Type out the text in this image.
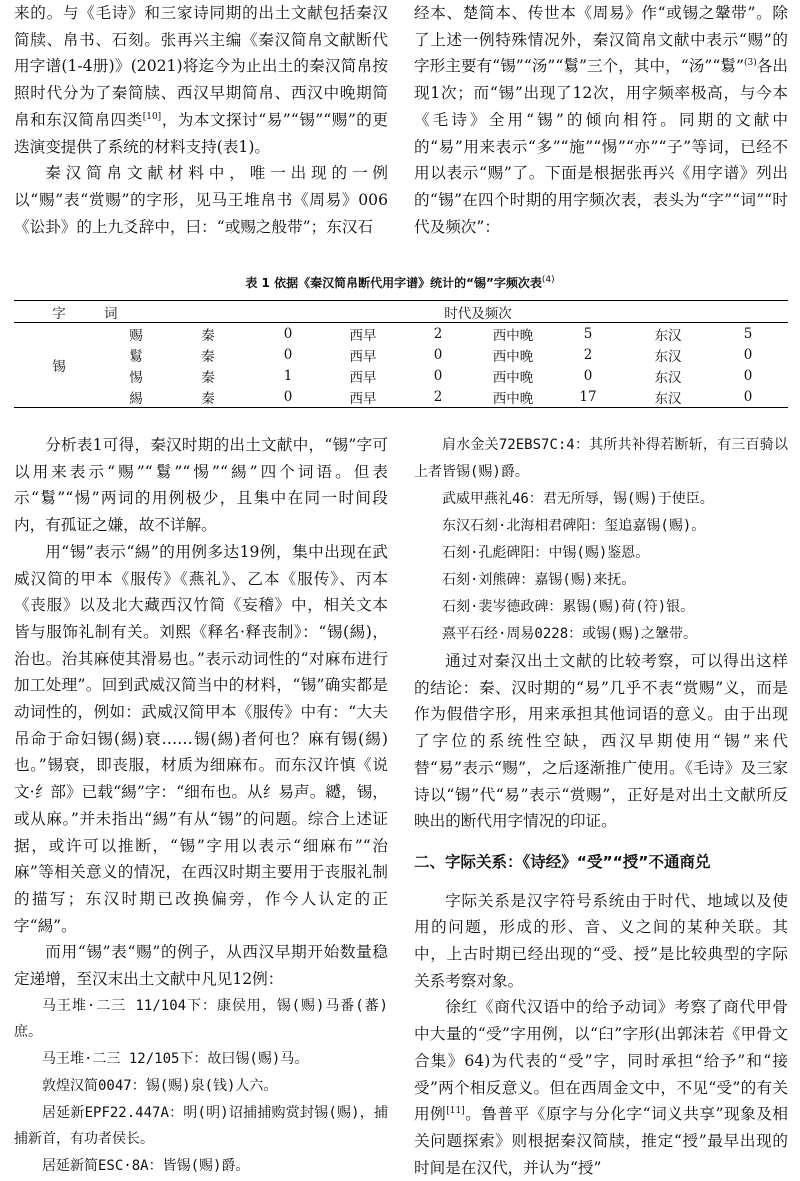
来的。与《毛诗》和三家诗同期的出土文献包括秦汉简牍、帛书、石刻。张再兴主编《秦汉简帛文献断代用字谱(1-4册)》(2021)将迄今为止出土的秦汉简帛按照时代分为了秦简牍、西汉早期简帛、西汉中晚期简帛和东汉简帛四类[10]，为本文探讨“易”“锡”“赐”的更迭演变提供了系统的材料支持(表1)。

秦汉简帛文献材料中，唯一出现的一例以“赐”表“赏赐”的字形，见马王堆帛书《周易》006《讼卦》的上九爻辞中，曰：“或赐之般带”；东汉石

经本、楚简本、传世本《周易》作“或锡之鞶带”。除了上述一例特殊情况外，秦汉简帛文献中表示“赐”的字形主要有“锡”“汤”“鬄”三个，其中，“汤”“鬄”$^{(3)}$各出现1次；而“锡”出现了12次，用字频率极高，与今本《毛诗》全用“锡”的倾向相符。同期的文献中的“易”用来表示“多”“施”“惕”“亦”“子”等词，已经不用以表示“赐”了。下面是根据张再兴《用字谱》列出的“锡”在四个时期的用字频次表，表头为“字”“词”“时代及频次”：

表 1 依据《秦汉简帛断代用字谱》统计的“锡”字频次表$^{(4)}$
字	词	时代及频次							
锡	赐	秦	0	西早	2	西中晚	5	东汉	5
	鬄	秦	0	西早	0	西中晚	2	东汉	0
	惕	秦	1	西早	0	西中晚	0	东汉	0
	緆	秦	0	西早	2	西中晚	17	东汉	0

分析表1可得，秦汉时期的出土文献中，“锡”字可以用来表示“赐”“鬄”“惕”“緆”四个词语。但表示“鬄”“惕”两词的用例极少，且集中在同一时间段内，有孤证之嫌，故不详解。

用“锡”表示“緆”的用例多达19例，集中出现在武威汉简的甲本《服传》《燕礼》、乙本《服传》、丙本《丧服》以及北大藏西汉竹简《妄稽》中，相关文本皆与服饰礼制有关。刘熙《释名·释丧制》：“锡(緆)，治也。治其麻使其滑易也。”表示动词性的“对麻布进行加工处理”。回到武威汉简当中的材料，“锡”确实都是动词性的，例如：武威汉简甲本《服传》中有：“大夫吊命于命妇锡(緆)衰……锡(緆)者何也？麻有锡(緆)也。”锡衰，即丧服，材质为细麻布。而东汉许慎《说文·纟部》已载“緆”字：“细布也。从纟易声。𦇰，锡，或从麻。”并未指出“緆”有从“锡”的问题。综合上述证据，或许可以推断，“锡”字用以表示“细麻布”“治麻”等相关意义的情况，在西汉时期主要用于丧服礼制的描写；东汉时期已改换偏旁，作今人认定的正字“緆”。

而用“锡”表“赐”的例子，从西汉早期开始数量稳定递增，至汉末出土文献中凡见12例：

马王堆·二三 11/104下：康侯用，锡(赐)马番(蕃)庶。

马王堆·二三 12/105下：故曰锡(赐)马。

敦煌汉简0047：锡(赐)泉(钱)人六。

居延新EPF22.447A：明(明)诏捕捕购赏封锡(赐)，捕捕新首，有功者侯长。

居延新简ESC·8A：皆锡(赐)爵。

肩水金关72EBS7C:4：其所共补得若断斩，有三百骑以上者皆锡(赐)爵。

武威甲燕礼46：君无所辱，锡(赐)于使臣。

东汉石刻·北海相君碑阳：玺追嘉锡(赐)。

石刻·孔彪碑阳：中锡(赐)鉴恩。

石刻·刘熊碑：嘉锡(赐)来抚。

石刻·裴岑德政碑：累锡(赐)荷(符)银。

熹平石经·周易0228：或锡(赐)之鞶带。

通过对秦汉出土文献的比较考察，可以得出这样的结论：秦、汉时期的“易”几乎不表“赏赐”义，而是作为假借字形，用来承担其他词语的意义。由于出现了字位的系统性空缺，西汉早期使用“锡”来代替“易”表示“赐”，之后逐渐推广使用。《毛诗》及三家诗以“锡”代“易”表示“赏赐”，正好是对出土文献所反映出的断代用字情况的印证。

二、字际关系：《诗经》“受”“授”不通商兑

字际关系是汉字符号系统由于时代、地域以及使用的问题，形成的形、音、义之间的某种关联。其中，上古时期已经出现的“受、授”是比较典型的字际关系考察对象。

徐红《商代汉语中的给予动词》考察了商代甲骨中大量的“受”字用例，以“𦥑”字形(出郭沫若《甲骨文合集》64)为代表的“受”字，同时承担“给予”和“接受”两个相反意义。但在西周金文中，不见“受”的有关用例[11]。鲁普平《原字与分化字“词义共享”现象及相关问题探索》则根据秦汉简牍，推定“授”最早出现的时间是在汉代，并认为“授”
